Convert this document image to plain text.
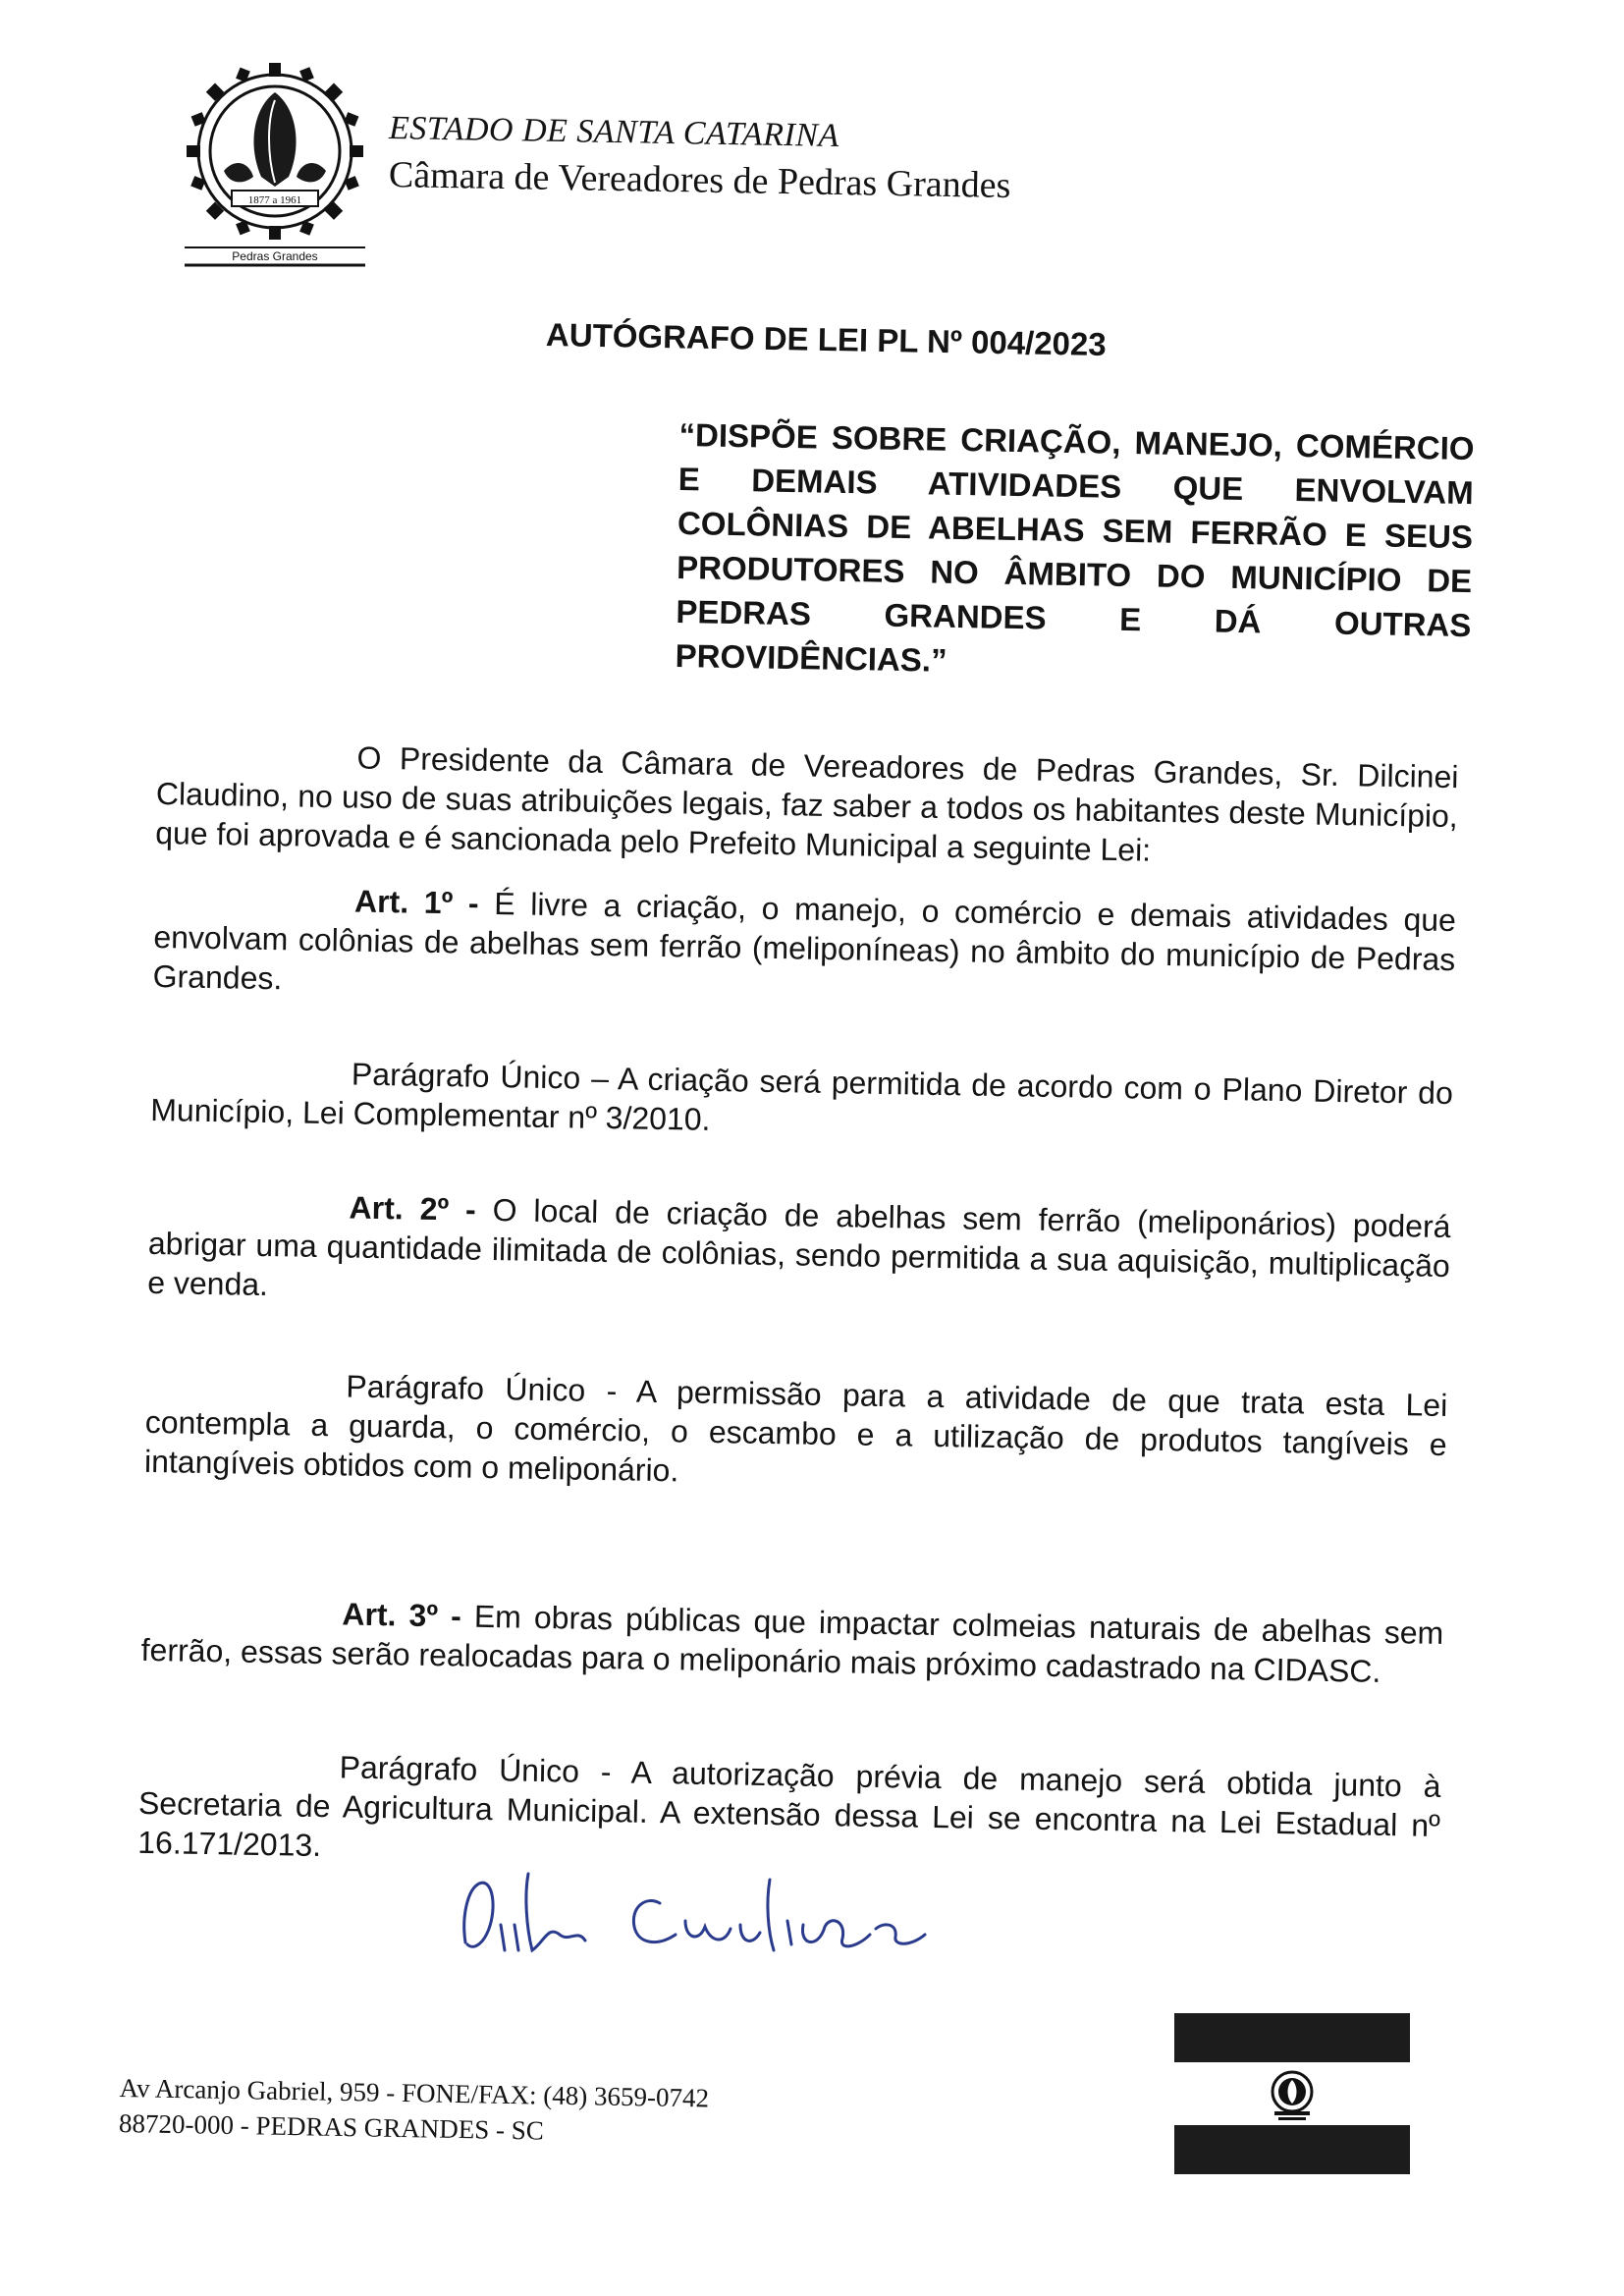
1877 a 1961
Pedras Grandes
ESTADO DE SANTA CATARINA
Câmara de Vereadores de Pedras Grandes
AUTÓGRAFO DE LEI PL Nº 004/2023
“DISPÕE SOBRE CRIAÇÃO, MANEJO, COMÉRCIO E DEMAIS ATIVIDADES QUE ENVOLVAM COLÔNIAS DE ABELHAS SEM FERRÃO E SEUS PRODUTORES NO ÂMBITO DO MUNICÍPIO DE PEDRAS GRANDES E DÁ OUTRAS PROVIDÊNCIAS.”

O Presidente da Câmara de Vereadores de Pedras Grandes, Sr. Dilcinei Claudino, no uso de suas atribuições legais, faz saber a todos os habitantes deste Município, que foi aprovada e é sancionada pelo Prefeito Municipal a seguinte Lei:

Art. 1º - É livre a criação, o manejo, o comércio e demais atividades que envolvam colônias de abelhas sem ferrão (meliponíneas) no âmbito do município de Pedras Grandes.

Parágrafo Único – A criação será permitida de acordo com o Plano Diretor do Município, Lei Complementar nº 3/2010.

Art. 2º - O local de criação de abelhas sem ferrão (meliponários) poderá abrigar uma quantidade ilimitada de colônias, sendo permitida a sua aquisição, multiplicação e venda.

Parágrafo Único - A permissão para a atividade de que trata esta Lei contempla a guarda, o comércio, o escambo e a utilização de produtos tangíveis e intangíveis obtidos com o meliponário.

Art. 3º - Em obras públicas que impactar colmeias naturais de abelhas sem ferrão, essas serão realocadas para o meliponário mais próximo cadastrado na CIDASC.

Parágrafo Único - A autorização prévia de manejo será obtida junto à Secretaria de Agricultura Municipal. A extensão dessa Lei se encontra na Lei Estadual nº 16.171/2013.

Av Arcanjo Gabriel, 959 - FONE/FAX: (48) 3659-0742
88720-000 - PEDRAS GRANDES - SC
